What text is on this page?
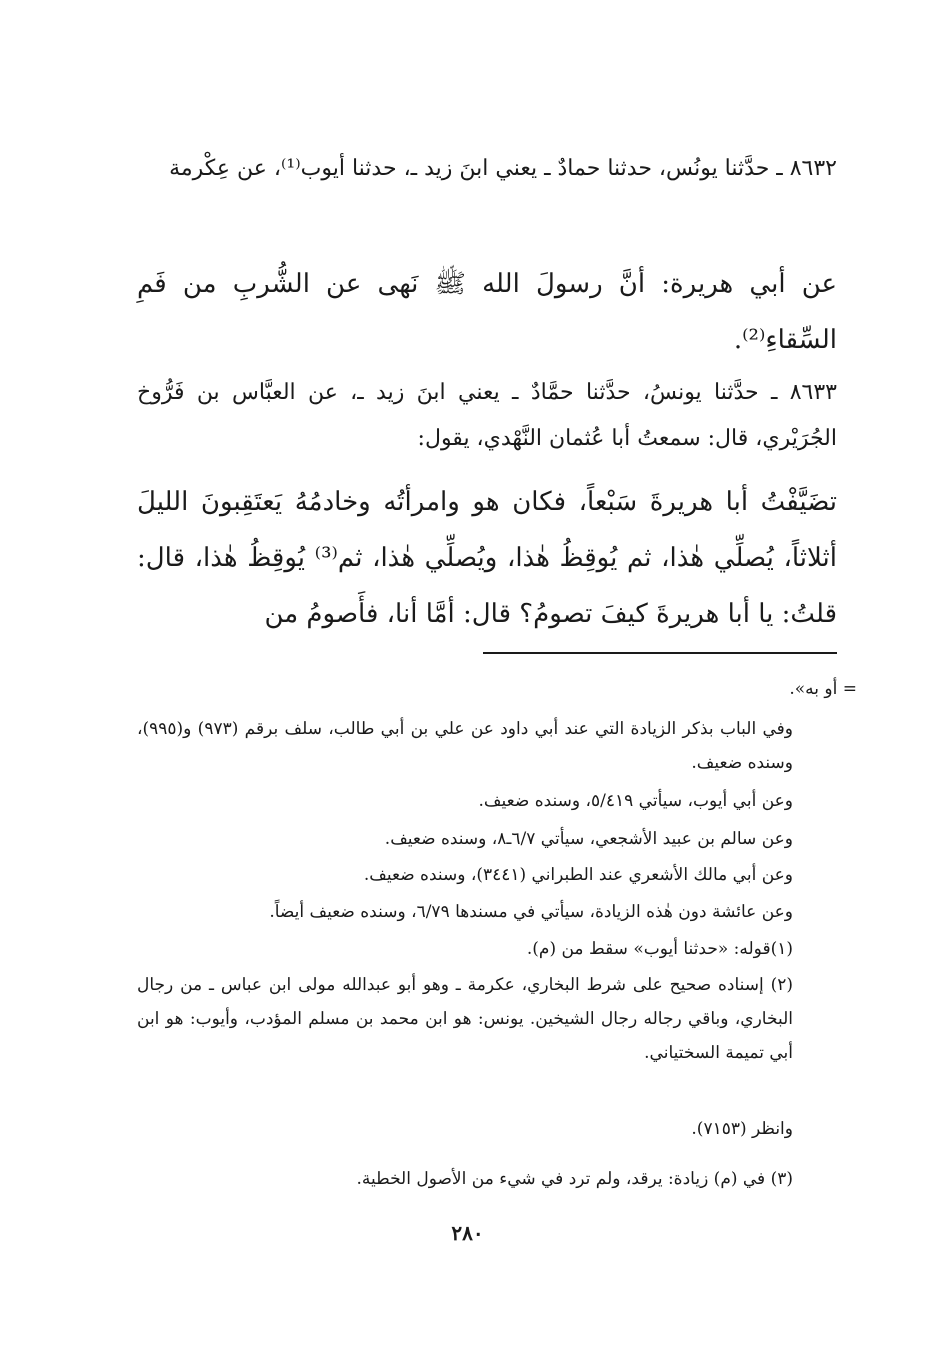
٨٦٣٢ ـ حدَّثنا يونُس، حدثنا حمادٌ ـ يعني ابنَ زيد ـ، حدثنا أيوب⁽¹⁾، عن عِكْرمة

عن أبي هريرة: أنَّ رسولَ الله ﷺ نَهى عن الشُّربِ من فَمِ السِّقاءِ⁽²⁾.

٨٦٣٣ ـ حدَّثنا يونسُ، حدَّثنا حمَّادٌ ـ يعني ابنَ زيد ـ، عن العبَّاس بن فَرُّوخ الجُرَيْري، قال: سمعتُ أبا عُثمان النَّهْدي، يقول:

تضَيَّفْتُ أبا هريرةَ سَبْعاً، فكان هو وامرأتُه وخادمُهُ يَعتَقِبونَ الليلَ أثلاثاً، يُصلِّي هٰذا، ثم يُوقِظُ هٰذا، ويُصلِّي هٰذا، ثم⁽³⁾ يُوقِظُ هٰذا، قال: قلتُ: يا أبا هريرةَ كيفَ تصومُ؟ قال: أمَّا أنا، فأَصومُ من

= أو به».

وفي الباب بذكر الزيادة التي عند أبي داود عن علي بن أبي طالب، سلف برقم (٩٧٣) و(٩٩٥)، وسنده ضعيف.

وعن أبي أيوب، سيأتي ٥/٤١٩، وسنده ضعيف.

وعن سالم بن عبيد الأشجعي، سيأتي ٦/٧ـ٨، وسنده ضعيف.

وعن أبي مالك الأشعري عند الطبراني (٣٤٤١)، وسنده ضعيف.

وعن عائشة دون هٰذه الزيادة، سيأتي في مسندها ٦/٧٩، وسنده ضعيف أيضاً.

(١)قوله: «حدثنا أيوب» سقط من (م).

(٢) إسناده صحيح على شرط البخاري، عكرمة ـ وهو أبو عبدالله مولى ابن عباس ـ من رجال البخاري، وباقي رجاله رجال الشيخين. يونس: هو ابن محمد بن مسلم المؤدب، وأيوب: هو ابن أبي تميمة السختياني.

وانظر (٧١٥٣).

(٣) في (م) زيادة: يرقد، ولم ترد في شيء من الأصول الخطية.

٢٨٠
